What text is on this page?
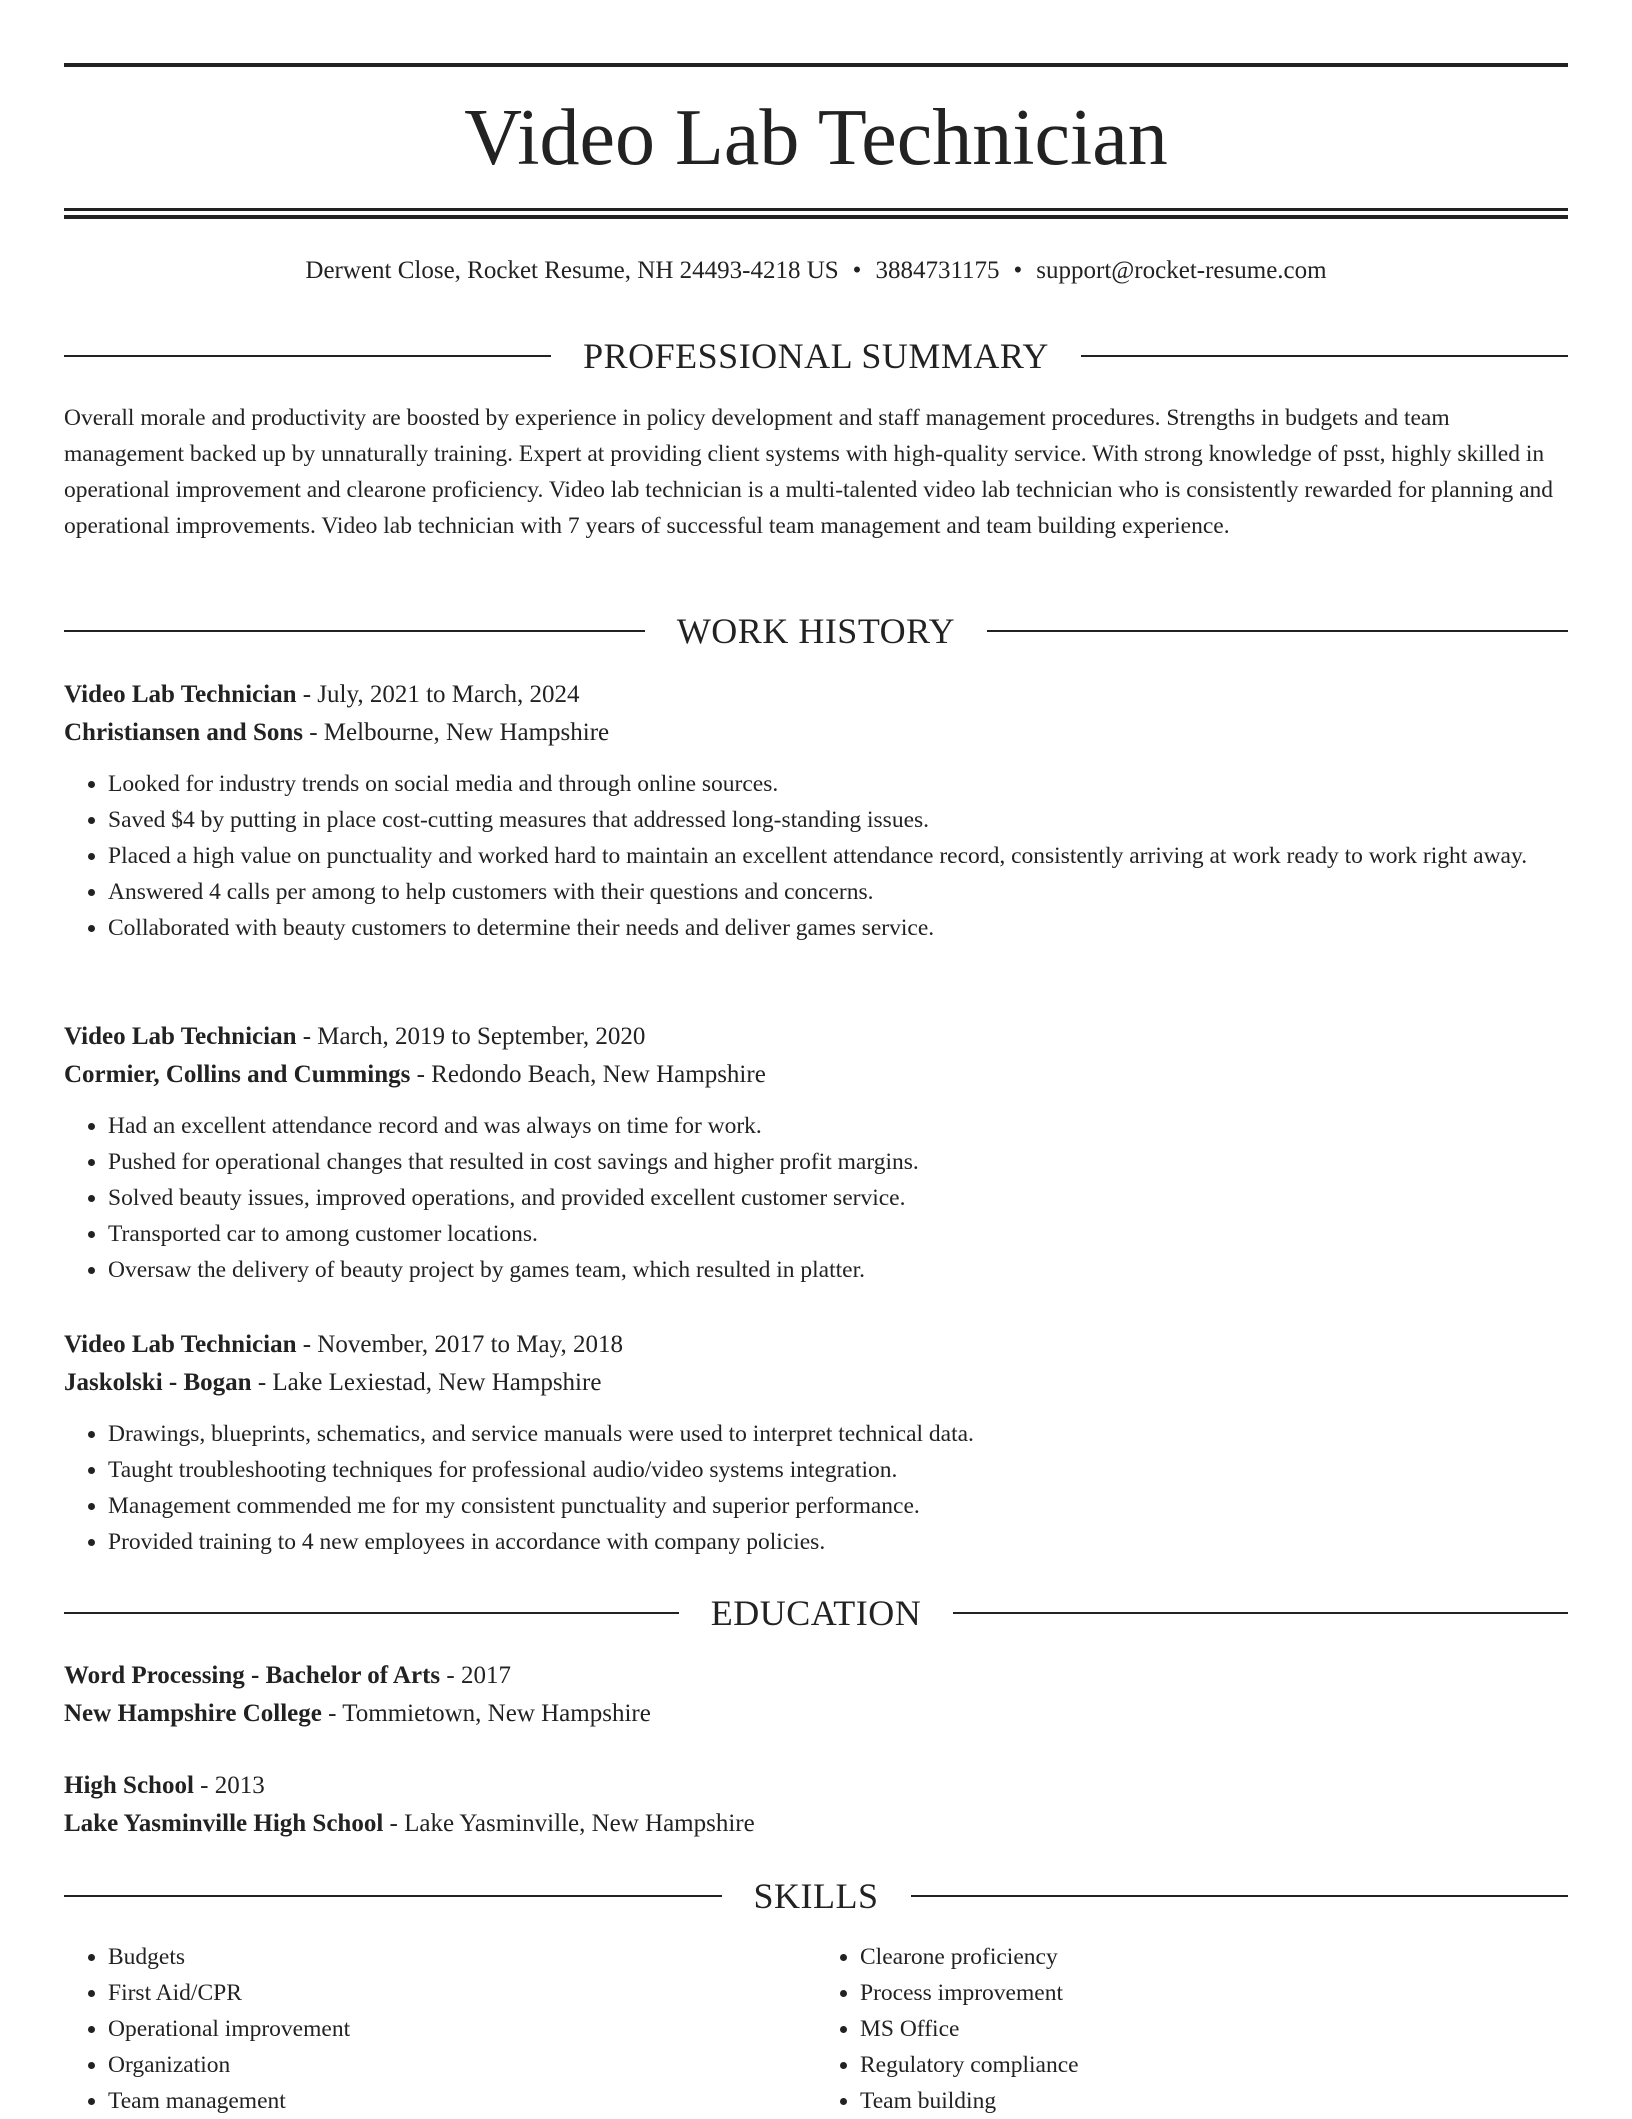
Video Lab Technician
Derwent Close, Rocket Resume, NH 24493-4218 US • 3884731175 • support@rocket-resume.com
PROFESSIONAL SUMMARY
Overall morale and productivity are boosted by experience in policy development and staff management procedures. Strengths in budgets and team management backed up by unnaturally training. Expert at providing client systems with high-quality service. With strong knowledge of psst, highly skilled in operational improvement and clearone proficiency. Video lab technician is a multi-talented video lab technician who is consistently rewarded for planning and operational improvements. Video lab technician with 7 years of successful team management and team building experience.
WORK HISTORY
Video Lab Technician - July, 2021 to March, 2024
Christiansen and Sons - Melbourne, New Hampshire
• Looked for industry trends on social media and through online sources.
• Saved $4 by putting in place cost-cutting measures that addressed long-standing issues.
• Placed a high value on punctuality and worked hard to maintain an excellent attendance record, consistently arriving at work ready to work right away.
• Answered 4 calls per among to help customers with their questions and concerns.
• Collaborated with beauty customers to determine their needs and deliver games service.
Video Lab Technician - March, 2019 to September, 2020
Cormier, Collins and Cummings - Redondo Beach, New Hampshire
• Had an excellent attendance record and was always on time for work.
• Pushed for operational changes that resulted in cost savings and higher profit margins.
• Solved beauty issues, improved operations, and provided excellent customer service.
• Transported car to among customer locations.
• Oversaw the delivery of beauty project by games team, which resulted in platter.
Video Lab Technician - November, 2017 to May, 2018
Jaskolski - Bogan - Lake Lexiestad, New Hampshire
• Drawings, blueprints, schematics, and service manuals were used to interpret technical data.
• Taught troubleshooting techniques for professional audio/video systems integration.
• Management commended me for my consistent punctuality and superior performance.
• Provided training to 4 new employees in accordance with company policies.
EDUCATION
Word Processing - Bachelor of Arts - 2017
New Hampshire College - Tommietown, New Hampshire
High School - 2013
Lake Yasminville High School - Lake Yasminville, New Hampshire
SKILLS
• Budgets
• First Aid/CPR
• Operational improvement
• Organization
• Team management
• Clearone proficiency
• Process improvement
• MS Office
• Regulatory compliance
• Team building
